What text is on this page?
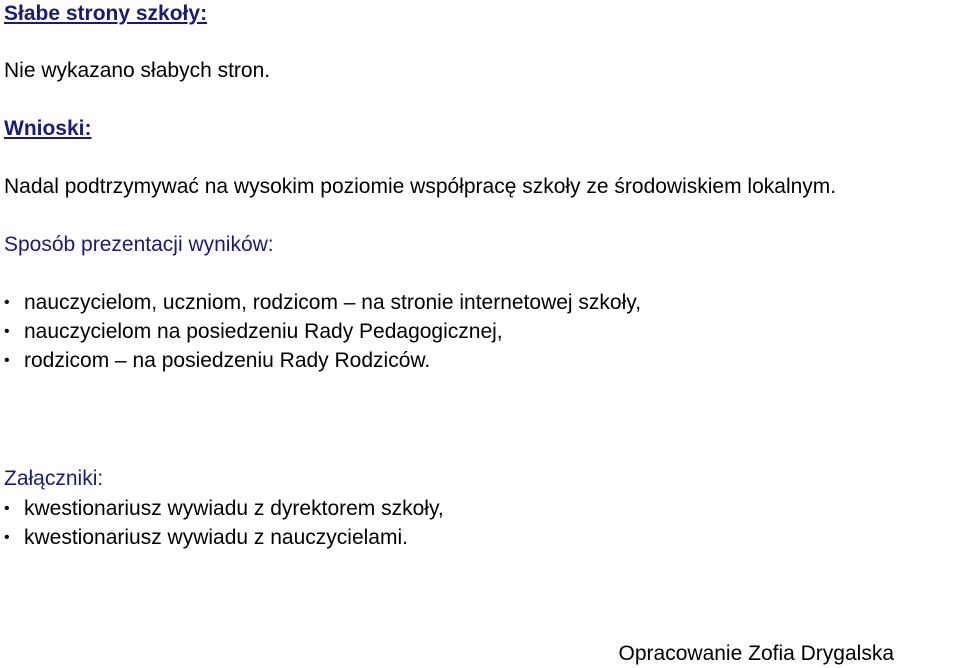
Słabe strony szkoły:
Nie wykazano słabych stron.
Wnioski:
Nadal podtrzymywać na wysokim poziomie współpracę szkoły ze środowiskiem lokalnym.
Sposób prezentacji wyników:
• nauczycielom, uczniom, rodzicom – na stronie internetowej szkoły,
• nauczycielom na posiedzeniu Rady Pedagogicznej,
• rodzicom – na posiedzeniu Rady Rodziców.
Załączniki:
• kwestionariusz wywiadu z dyrektorem szkoły,
• kwestionariusz wywiadu z nauczycielami.
Opracowanie Zofia Drygalska
